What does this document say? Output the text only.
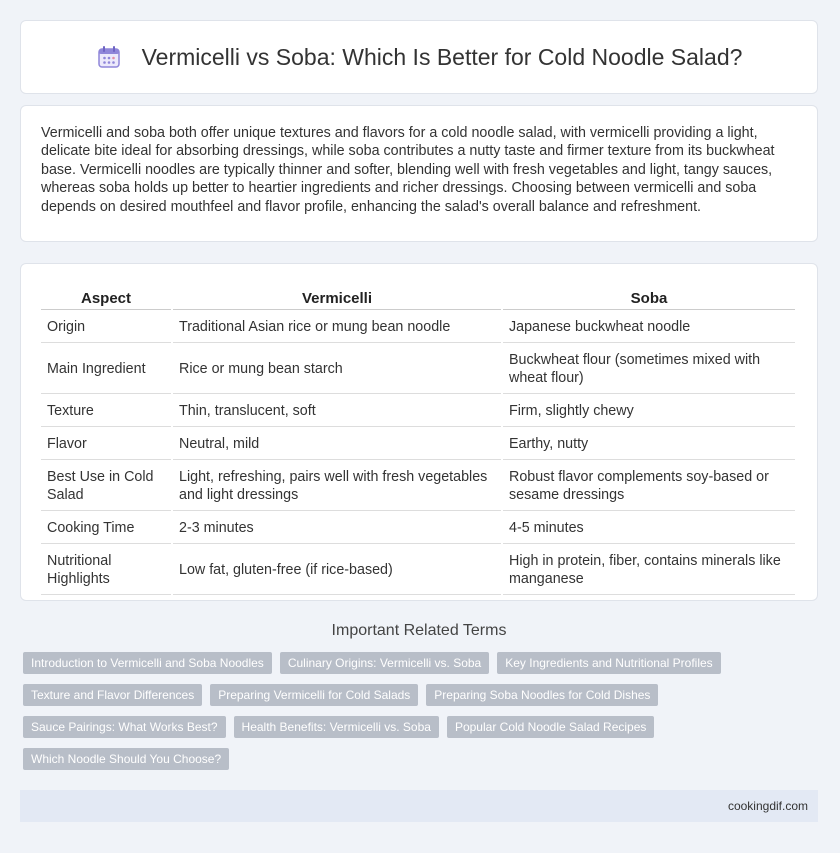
Vermicelli vs Soba: Which Is Better for Cold Noodle Salad?

Vermicelli and soba both offer unique textures and flavors for a cold noodle salad, with vermicelli providing a light, delicate bite ideal for absorbing dressings, while soba contributes a nutty taste and firmer texture from its buckwheat base. Vermicelli noodles are typically thinner and softer, blending well with fresh vegetables and light, tangy sauces, whereas soba holds up better to heartier ingredients and richer dressings. Choosing between vermicelli and soba depends on desired mouthfeel and flavor profile, enhancing the salad's overall balance and refreshment.

Aspect	Vermicelli	Soba
Origin	Traditional Asian rice or mung bean noodle	Japanese buckwheat noodle
Main Ingredient	Rice or mung bean starch	Buckwheat flour (sometimes mixed with wheat flour)
Texture	Thin, translucent, soft	Firm, slightly chewy
Flavor	Neutral, mild	Earthy, nutty
Best Use in Cold Salad	Light, refreshing, pairs well with fresh vegetables and light dressings	Robust flavor complements soy-based or sesame dressings
Cooking Time	2-3 minutes	4-5 minutes
Nutritional Highlights	Low fat, gluten-free (if rice-based)	High in protein, fiber, contains minerals like manganese
Important Related Terms
Introduction to Vermicelli and Soba Noodles	Culinary Origins: Vermicelli vs. Soba	Key Ingredients and Nutritional Profiles
Texture and Flavor Differences	Preparing Vermicelli for Cold Salads	Preparing Soba Noodles for Cold Dishes
Sauce Pairings: What Works Best?	Health Benefits: Vermicelli vs. Soba	Popular Cold Noodle Salad Recipes
Which Noodle Should You Choose?
cookingdif.com
